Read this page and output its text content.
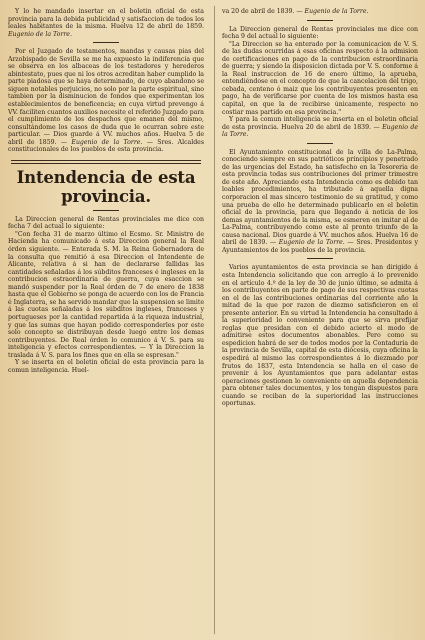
Y lo he mandado insertar en el boletin oficial de esta provincia para la debida publicidad y satisfaccion de todos los leales habitantes de la misma. Huelva 12 de abril de 1859. Eugenio de la Torre.

Por el Juzgado de testamentos, mandas y causas pias del Arzobispado de Sevilla se me ha expuesto la indiferencia que se observa en los albaceas de los testadores y herederos abintestato, pues que ni los otros acreditan haber cumplido la parte piadosa que se haya determinado, de cuyo abandono se siguen notables perjuicios, no solo por la parte espiritual, sino tambien por la disminucion de fondos que experimentan los establecimientos de beneficencia; en cuya virtud prevengo á VV. faciliten cuantos auxilios necesite el referido Juzgado para el cumplimiento de los despachos que emanen del mismo, consultándome los casos de duda que le ocurran sobre este particular. — Dios guarde á VV. muchos años. Huelva 5 de abril de 1859. — Eugenio de la Torre. — Sres. Alcaldes constitucionales de los pueblos de esta provincia.

Intendencia de esta provincia.

La Direccion general de Rentas provinciales me dice con fecha 7 del actual lo siguiente:

"Con fecha 31 de marzo último el Ecsmo. Sr. Ministro de Hacienda ha comunicado á esta Direccion general la Real órden siguiente. — Enterada S. M. la Reina Gobernadora de la consulta que remitió á esa Direccion el Intendente de Alicante, relativa á si han de declararse fallidas las cantidades señaladas á los súbditos franceses é ingleses en la contribucion estraordinaria de guerra, cuya esaccion se mandó suspender por la Real órden de 7 de enero de 1838 hasta que el Gobierno se ponga de acuerdo con los de Francia é Inglaterra, se ha servido mandar que la suspension se limite á las cuotas señaladas á los súbditos ingleses, franceses y portugueses por la cantidad repartida á la riqueza industrial, y que las sumas que hayan podido corresponderles por este solo concepto se distribuyan desde luego entre los demas contribuyentes. De Real órden lo comunico á V. S. para su inteligencia y efectos correspondientes. — Y la Direccion la traslada á V. S. para los fines que en ella se espresan."

Y se inserta en el boletin oficial de esta provincia para la comun inteligencia. Huel-

va 20 de abril de 1839. — Eugenio de la Torre.

La Direccion general de Rentas provinciales me dice con fecha 9 del actual lo siguiente:

"La Direccion se ha enterado por la comunicacion de V. S. de las dudas ocurridas á esas oficinas respecto á la admision de certificaciones en pago de la contribucion estraordinaria de guerra; y siendo la disposicion dictada por V. S. conforme á la Real instruccion de 16 de enero último, la aprueba, entendiéndose en el concepto de que la cancelacion del trigo, cebada, centeno ó maiz que los contribuyentes presenten en pago, ha de verificarse por cuenta de los mismos hasta esa capital, en que la de recibirse únicamente, respecto no costiar mas partido en esa provincia."

Y para la comun inteligencia se inserta en el boletin oficial de esta provincia. Huelva 20 de abril de 1839. — Eugenio de la Torre.

El Ayuntamiento constitucional de la villa de La-Palma, conociendo siempre en sus patrióticos principios y penetrado de las urgencias del Estado, ha satisfecho en la Tesoreria de esta provincia todas sus contribuciones del primer trimestre de este año. Apreciando esta Intendencia como es debido tan loables procedimientos, ha tributado á aquella digna corporacion el mas sincero testimonio de su gratitud, y como una prueba de ello he determinado publicarlo en el boletin oficial de la provincia, para que llegando á noticia de los demas ayuntamientos de la misma, se esmeren en imitar al de La-Palma, contribuyendo como este al pronto triunfo de la causa nacional. Dios guarde á VV. muchos años. Huelva 16 de abril de 1839. — Eugenio de la Torre. — Sres. Presidentes y Ayuntamientos de los pueblos de la provincia.

Varios ayuntamientos de esta provincia se han dirigido á esta Intendencia solicitando que con arreglo á lo prevenido en el artículo 4.º de la ley de 30 de junio último, se admita á los contribuyentes en parte de pago de sus respectivas cuotas en el de las contribuciones ordinarias del corriente año la mitad de la que por razon de diezmo satisficieron en el presente anterior. En su virtud la Intendencia ha consultado á la superioridad lo conveniente para que se sirva prefijar reglas que presidan con el debido acierto el modo de admitirse estos documentos abonables. Pero como su espedicion habrá de ser de todos modos por la Contaduria de la provincia de Sevilla, capital de esta diócesis, cuya oficina la espedirá al mismo las correspondientes á lo diezmado por frutos de 1837, esta Intendencia se halla en el caso de prevenir á los Ayuntamientos que para adelantar estas operaciones gestionen lo conveniente en aquella dependencia para obtener tales documentos, y los tengan dispuestos para cuando se reciban de la superioridad las instrucciones oportunas.
